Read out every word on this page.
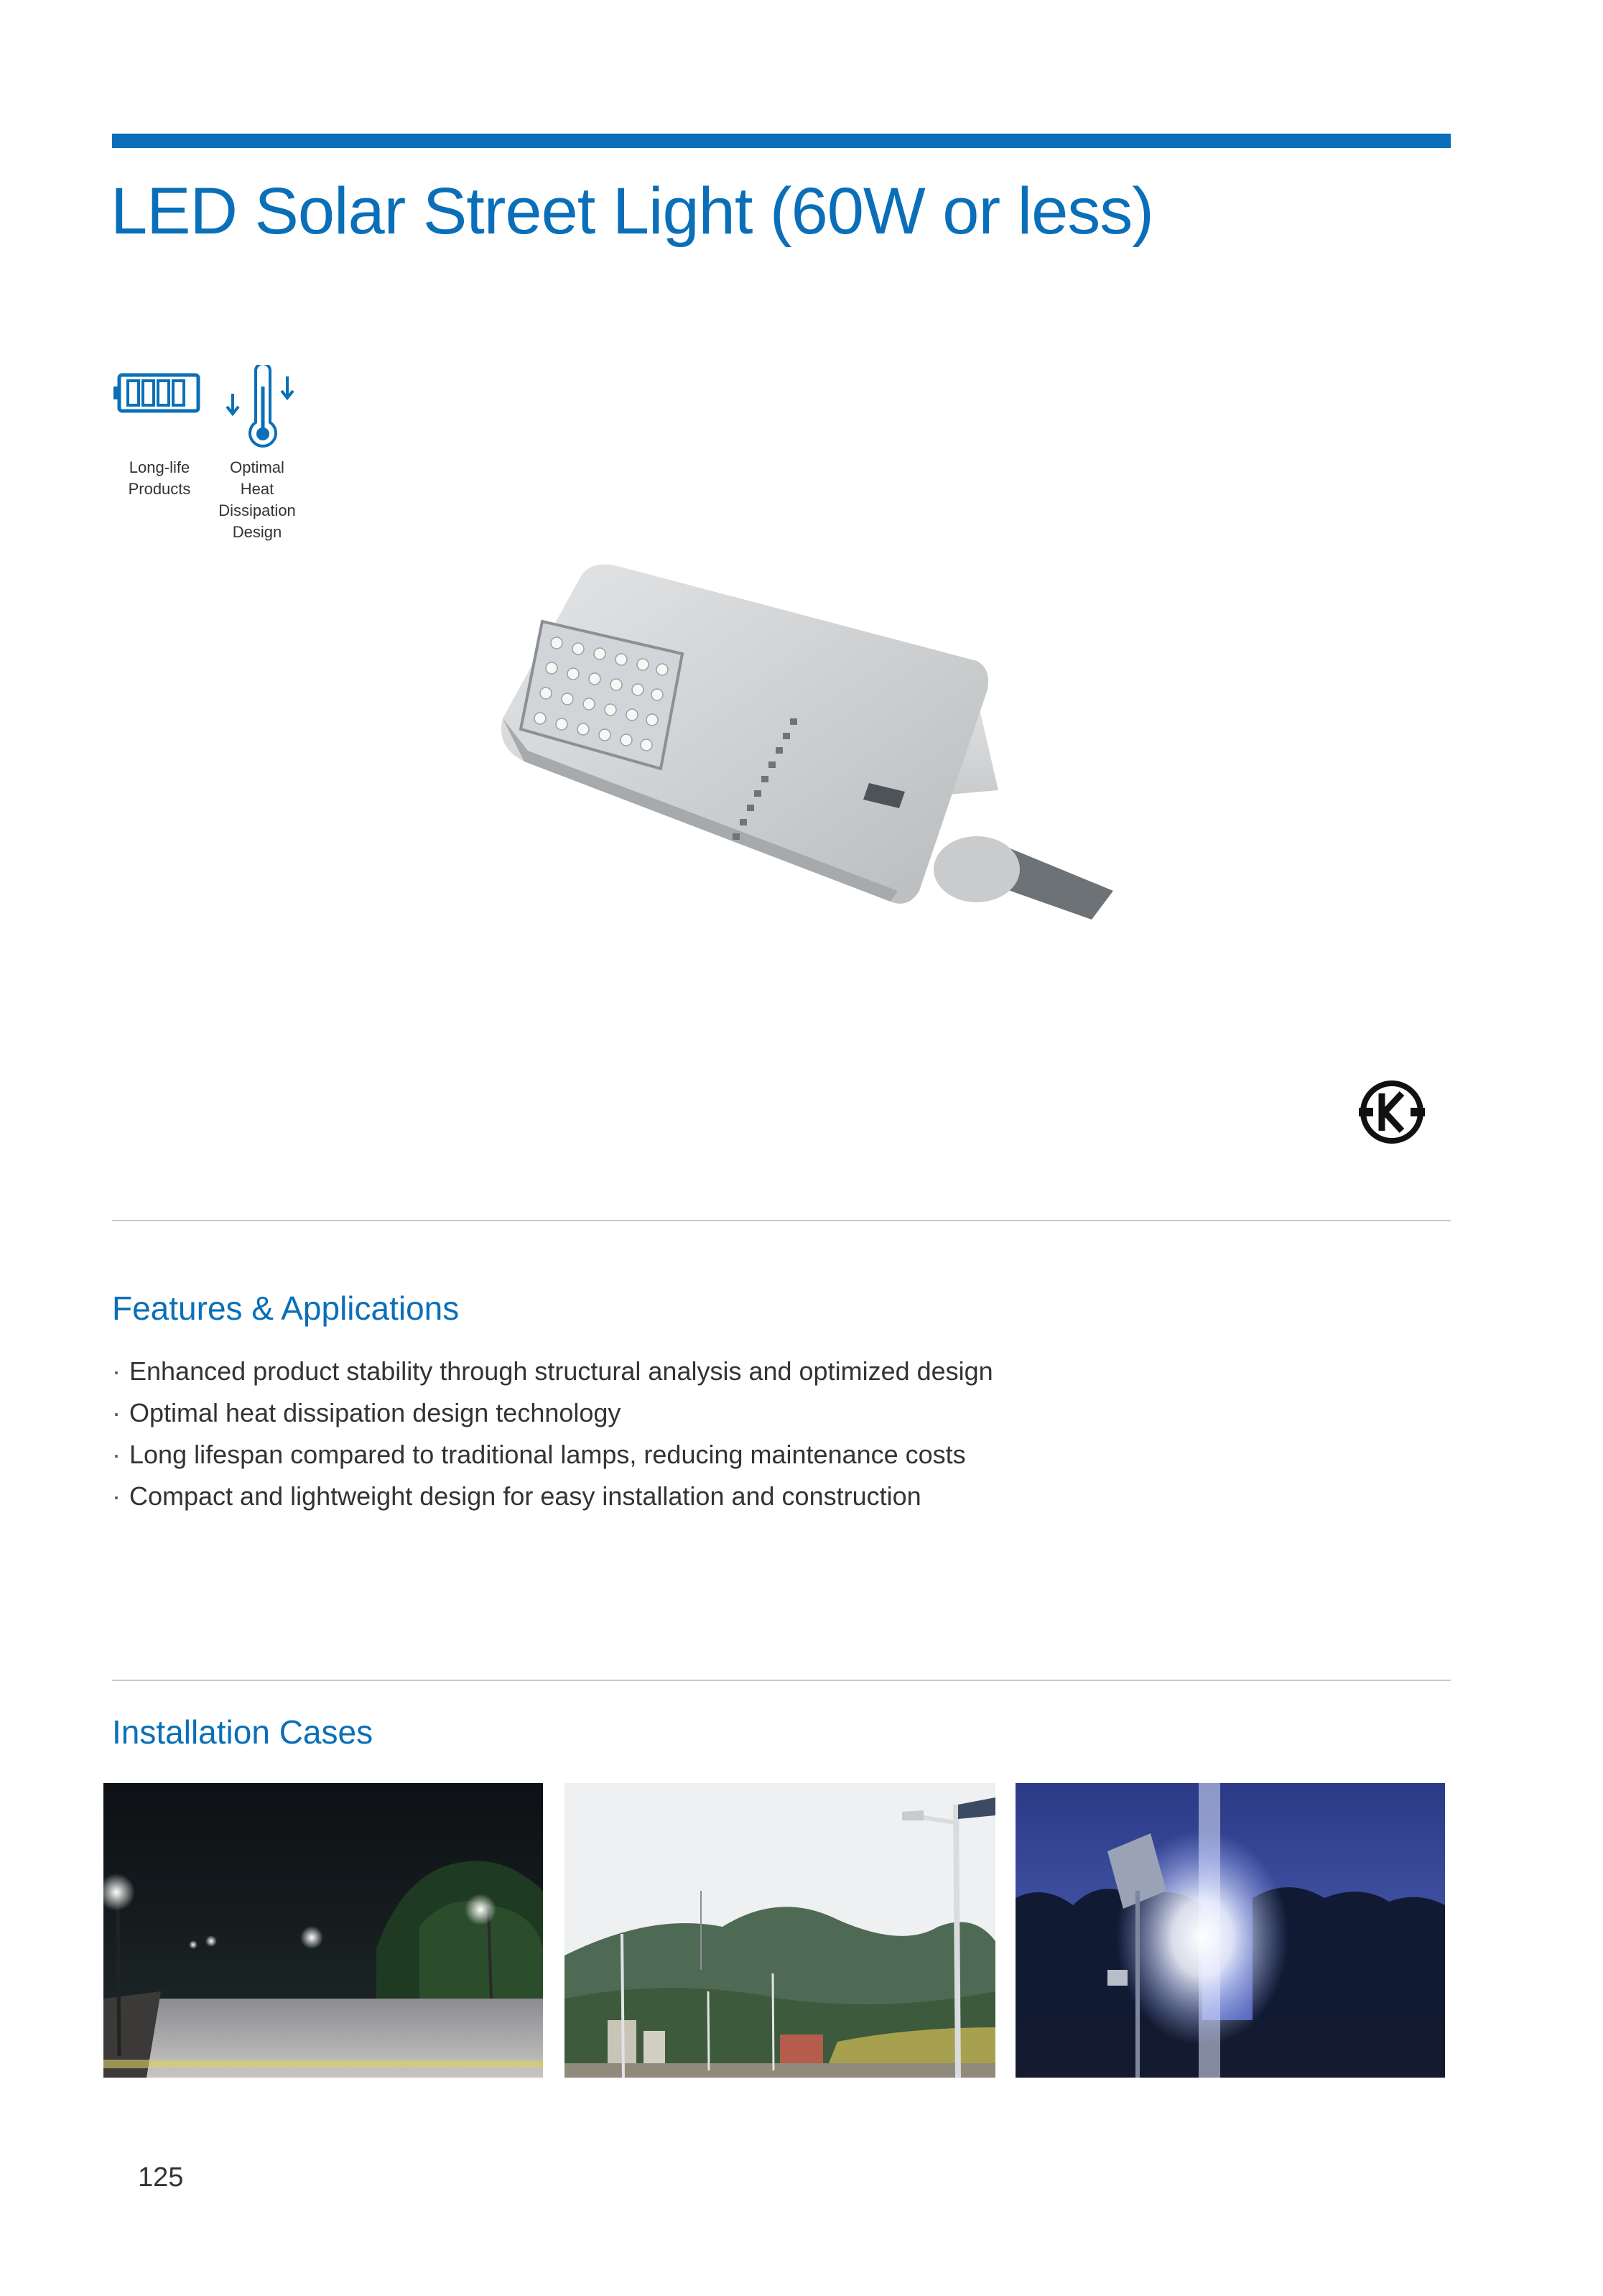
LED Solar Street Light (60W or less)
Long-life
Products
Optimal
Heat
Dissipation
Design
Features & Applications
· Enhanced product stability through structural analysis and optimized design
· Optimal heat dissipation design technology
· Long lifespan compared to traditional lamps, reducing maintenance costs
· Compact and lightweight design for easy installation and construction
Installation Cases
125
